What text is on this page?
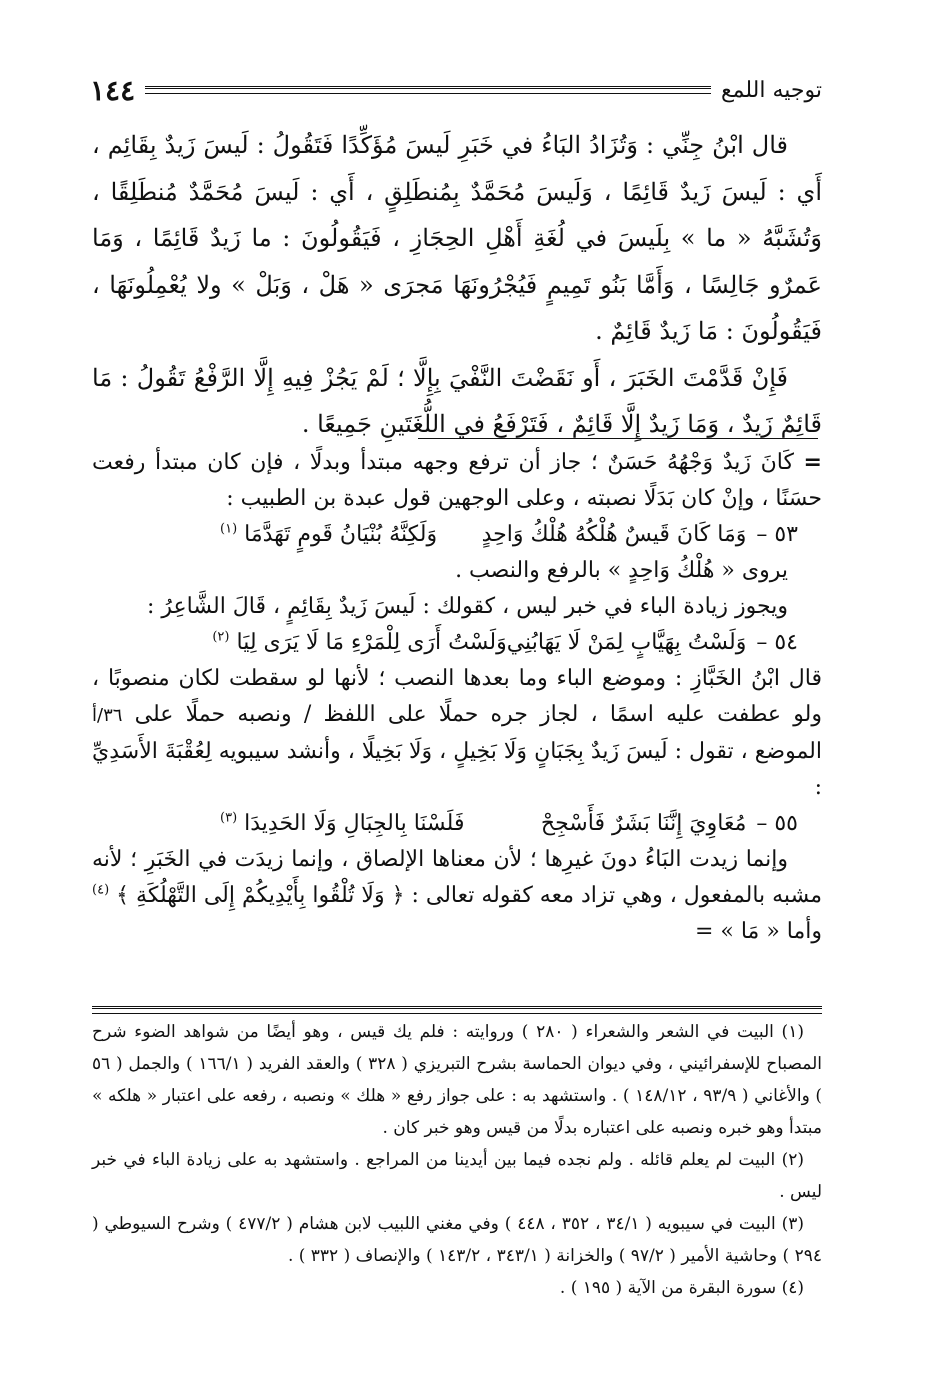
١٤٤	توجيه اللمع

قال ابْنُ جِنِّي : وَتُزَادُ البَاءُ في خَبَرِ لَيسَ مُؤَكِّدًا فَتَقُولُ : لَيسَ زَيدٌ بِقَائِم ، أَي : لَيسَ زَيدٌ قَائِمًا ، وَلَيسَ مُحَمَّدٌ بِمُنطَلِقٍ ، أَي : لَيسَ مُحَمَّدٌ مُنطَلِقًا ، وَتُشَبَّهُ « ما » بِلَيسَ في لُغَةِ أَهْلِ الحِجَازِ ، فَيَقُولُونَ : ما زَيدٌ قَائِمًا ، وَمَا عَمرٌو جَالِسًا ، وَأَمَّا بَنُو تَمِيمٍ فَيُجْرُونَهَا مَجرَى « هَلْ ، وَبَلْ » ولا يُعْمِلُونَهَا ، فَيَقُولُونَ : مَا زَيدٌ قَائِمٌ .

فَإِنْ قَدَّمْتَ الخَبَرَ ، أَو نَقَضْتَ النَّفْيَ بِإِلَّا ؛ لَمْ يَجُزْ فِيهِ إِلَّا الرَّفْعُ تَقُولُ : مَا قَائِمٌ زَيدٌ ، وَمَا زَيدٌ إِلَّا قَائِمٌ ، فَتَرْفَعُ في اللُّغَتَينِ جَمِيعًا .

= كَانَ زَيدٌ وَجْهُهُ حَسَنٌ ؛ جاز أن ترفع وجهه مبتدأ وبدلًا ، فإن كان مبتدأ رفعت حسَنًا ، وإنْ كان بَدَلًا نصبته ، وعلى الوجهين قول عبدة بن الطبيب :

٥٣ –وَمَا كَانَ قَيسٌ هُلْكُهُ هُلْكُ وَاحِدٍ
وَلَكِنَّهُ بُنْيَانُ قَومٍ تَهَدَّمَا $^{(١)}$

يروى « هُلْكُ وَاحِدٍ » بالرفع والنصب .

ويجوز زيادة الباء في خبر ليس ، كقولك : لَيسَ زَيدٌ بِقَائِمٍ ، قَالَ الشَّاعِرُ :

٥٤ –وَلَسْتُ بِهَيَّابٍ لِمَنْ لَا يَهَابُنِي
وَلَسْتُ أَرَى لِلْمَرْءِ مَا لَا يَرَى لِيَا $^{(٢)}$

قال ابْنُ الخَبَّازِ : وموضع الباء وما بعدها النصب ؛ لأنها لو سقطت لكان منصوبًا ، ولو عطفت عليه اسمًا ، لجاز جره حملًا على اللفظ / ونصبه حملًا على ٣٦/أ الموضع ، تقول : لَيسَ زَيدٌ بِجَبَانٍ وَلَا بَخِيلٍ ، وَلَا بَخِيلًا ، وأنشد سيبويه لِعُقْبَةَ الأَسَدِيِّ :

٥٥ –مُعَاوِيَ إِنَّنَا بَشَرٌ فَأَسْجِحْ
فَلَسْنَا بِالجِبَالِ وَلَا الحَدِيدَا $^{(٣)}$

وإنما زيدت البَاءُ دونَ غيرِها ؛ لأن معناها الإلصاق ، وإنما زيدَت في الخَبَرِ ؛ لأنه مشبه بالمفعول ، وهي تزاد معه كقوله تعالى : ﴿ وَلَا تُلْقُوا بِأَيْدِيكُمْ إِلَى التَّهْلُكَةِ ﴾ $^{(٤)}$ وأما « مَا » =

(١) البيت في الشعر والشعراء ( ٢٨٠ ) وروايته : فلم يك قيس ، وهو أيضًا من شواهد الضوء شرح المصباح للإسفرائيني ، وفي ديوان الحماسة بشرح التبريزي ( ٣٢٨ ) والعقد الفريد ( ١٦٦/١ ) والجمل ( ٥٦ ) والأغاني ( ٩٣/٩ ، ١٤٨/١٢ ) . واستشهد به : على جواز رفع « هلك » ونصبه ، رفعه على اعتبار « هلكه » مبتدأ وهو خبره ونصبه على اعتباره بدلًا من قيس وهو خبر كان .

(٢) البيت لم يعلم قائله . ولم نجده فيما بين أيدينا من المراجع . واستشهد به على زيادة الباء في خبر ليس .

(٣) البيت في سيبويه ( ٣٤/١ ، ٣٥٢ ، ٤٤٨ ) وفي مغني اللبيب لابن هشام ( ٤٧٧/٢ ) وشرح السيوطي ( ٢٩٤ ) وحاشية الأمير ( ٩٧/٢ ) والخزانة ( ٣٤٣/١ ، ١٤٣/٢ ) والإنصاف ( ٣٣٢ ) .

(٤) سورة البقرة من الآية ( ١٩٥ ) .
